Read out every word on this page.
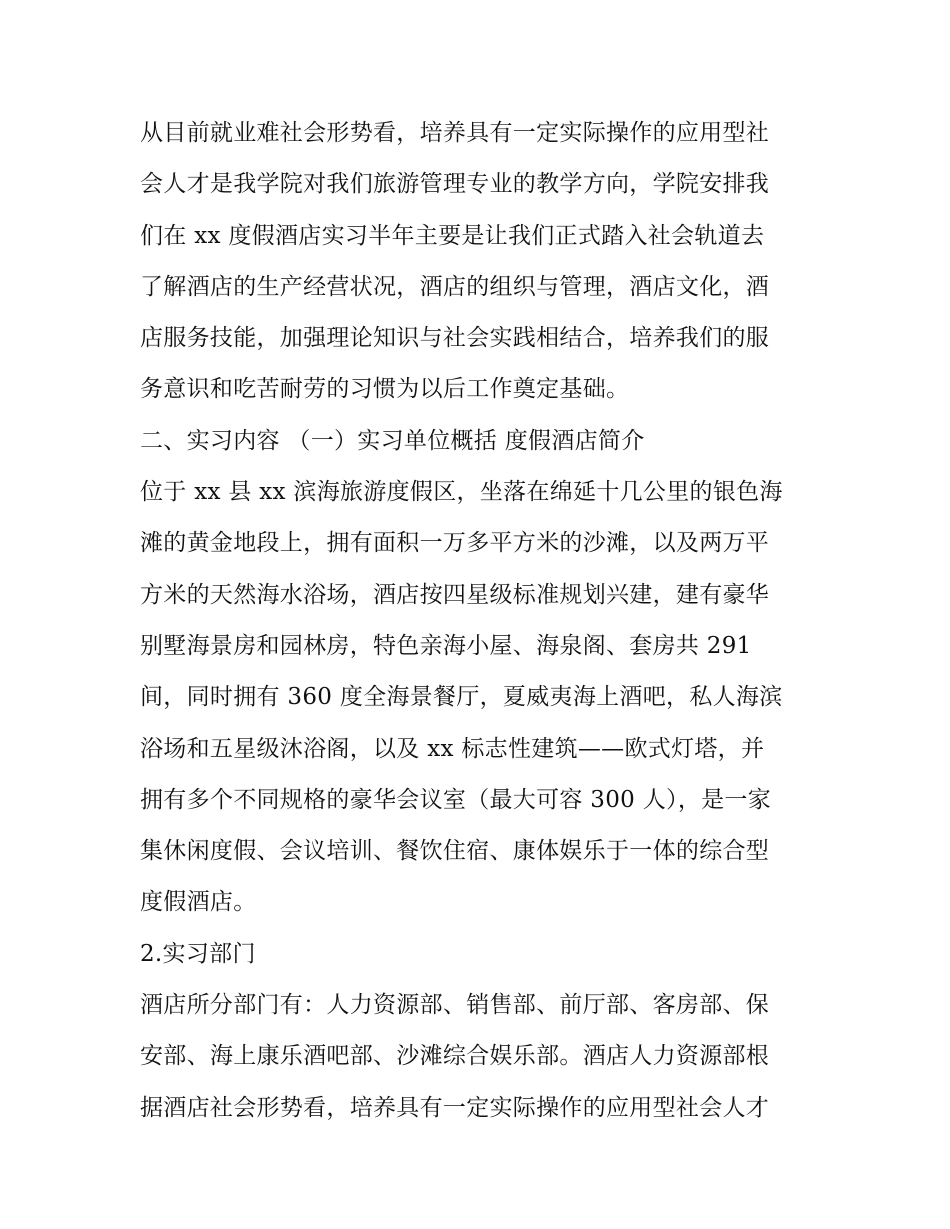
从目前就业难社会形势看，培养具有一定实际操作的应用型社
会人才是我学院对我们旅游管理专业的教学方向，学院安排我
们在 xx 度假酒店实习半年主要是让我们正式踏入社会轨道去
了解酒店的生产经营状况，酒店的组织与管理，酒店文化，酒
店服务技能，加强理论知识与社会实践相结合，培养我们的服
务意识和吃苦耐劳的习惯为以后工作奠定基础。
二、实习内容 （一）实习单位概括 度假酒店简介
位于 xx 县 xx 滨海旅游度假区，坐落在绵延十几公里的银色海
滩的黄金地段上，拥有面积一万多平方米的沙滩，以及两万平
方米的天然海水浴场，酒店按四星级标准规划兴建，建有豪华
别墅海景房和园林房，特色亲海小屋、海泉阁、套房共 291
间，同时拥有 360 度全海景餐厅，夏威夷海上酒吧，私人海滨
浴场和五星级沐浴阁，以及 xx 标志性建筑——欧式灯塔，并
拥有多个不同规格的豪华会议室（最大可容 300 人），是一家
集休闲度假、会议培训、餐饮住宿、康体娱乐于一体的综合型
度假酒店。
2.实习部门
酒店所分部门有：人力资源部、销售部、前厅部、客房部、保
安部、海上康乐酒吧部、沙滩综合娱乐部。酒店人力资源部根
据酒店社会形势看，培养具有一定实际操作的应用型社会人才
